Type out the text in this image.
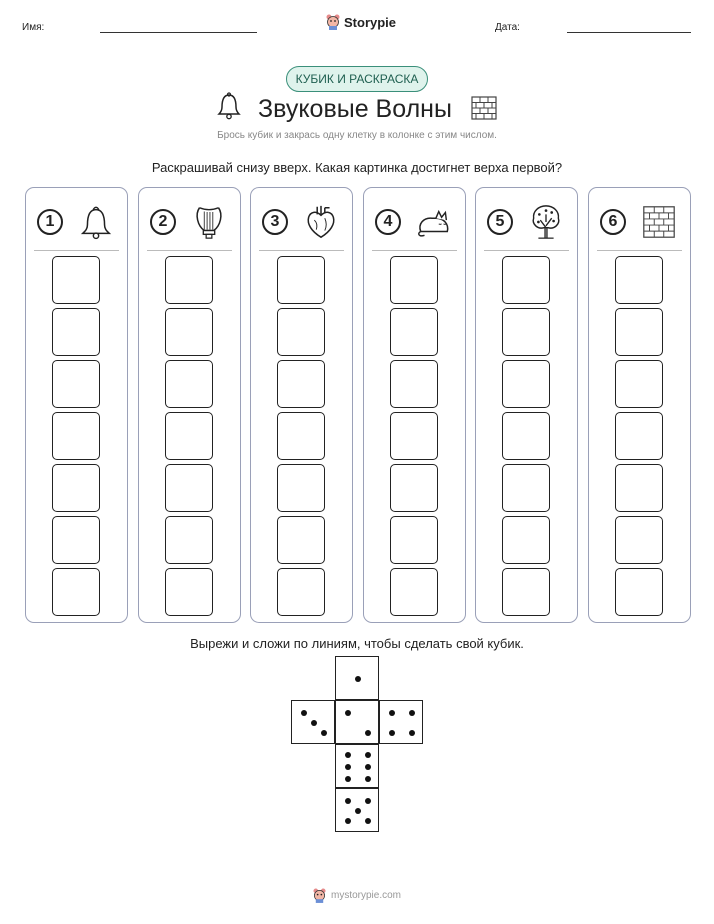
Имя:	Storypie	Дата:
КУБИК И РАСКРАСКА
Звуковые Волны
Брось кубик и закрась одну клетку в колонке с этим числом.
Раскрашивай снизу вверх. Какая картинка достигнет верха первой?
1	2	3	4	5	6
Вырежи и сложи по линиям, чтобы сделать свой кубик.
mystorypie.com
